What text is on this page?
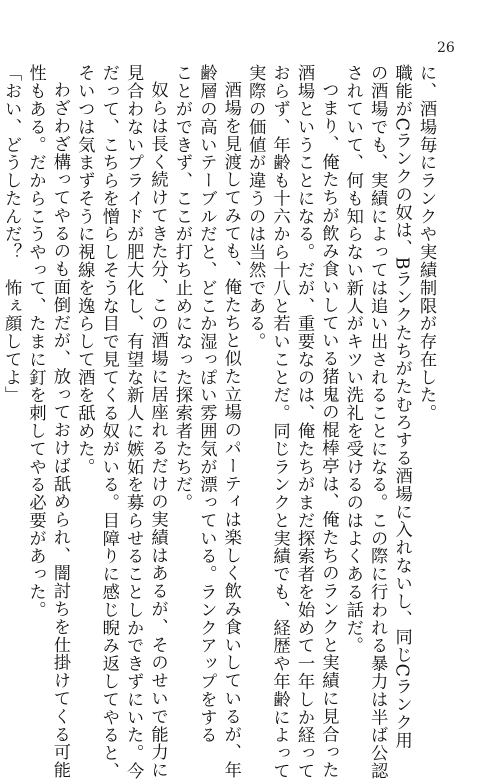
26
に、酒場毎にランクや実績制限が存在した。
職能がCランクの奴は、Bランクたちがたむろする酒場に入れないし、同じCランク用
の酒場でも、実績によっては追い出されることになる。この際に行われる暴力は半ば公認
されていて、何も知らない新人がキツい洗礼を受けるのはよくある話だ。
つまり、俺たちが飲み食いしている猪鬼の棍棒亭は、俺たちのランクと実績に見合った
酒場ということになる。だが、重要なのは、俺たちがまだ探索者を始めて一年しか経って
おらず、年齢も十六から十八と若いことだ。同じランクと実績でも、経歴や年齢によって
実際の価値が違うのは当然である。
酒場を見渡してみても、俺たちと似た立場のパーティは楽しく飲み食いしているが、年
齢層の高いテーブルだと、どこか湿っぽい雰囲気が漂っている。ランクアップをする
ことができず、ここが打ち止めになった探索者たちだ。
奴らは長く続けてきた分、この酒場に居座れるだけの実績はあるが、そのせいで能力に
見合わないプライドが肥大化し、有望な新人に嫉妬を募らせることしかできずにいた。今
だって、こちらを憎らしそうな目で見てくる奴がいる。目障りに感じ睨み返してやると、
そいつは気まずそうに視線を逸らして酒を舐めた。
わざわざ構ってやるのも面倒だが、放っておけば舐められ、闇討ちを仕掛けてくる可能
性もある。だからこうやって、たまに釘を刺してやる必要があった。
「おい、どうしたんだ？　怖ぇ顔してよ」
